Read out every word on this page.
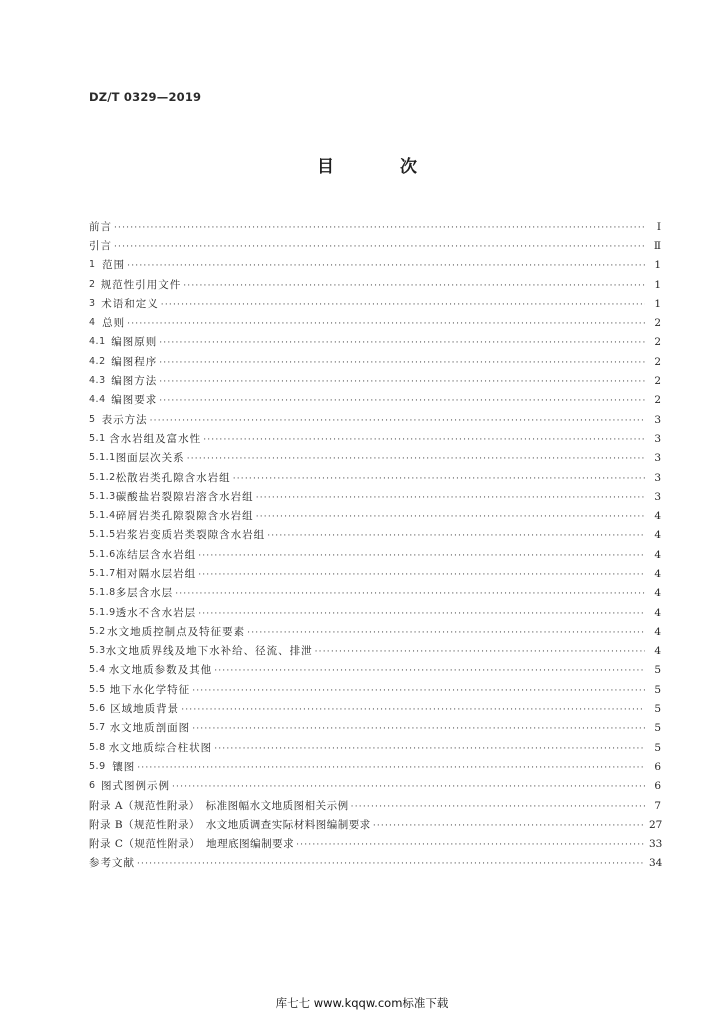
DZ/T 0329—2019
目 次
前言 ·····	Ⅰ
引言 ·····	Ⅱ
1 范围 ·····	1
2 规范性引用文件 ·····	1
3 术语和定义 ·····	1
4 总则 ·····	2
4.1 编图原则 ·····	2
4.2 编图程序 ·····	2
4.3 编图方法 ·····	2
4.4 编图要求 ·····	2
5 表示方法 ·····	3
5.1 含水岩组及富水性 ·····	3
5.1.1 图面层次关系 ·····	3
5.1.2 松散岩类孔隙含水岩组 ·····	3
5.1.3 碳酸盐岩裂隙岩溶含水岩组 ·····	3
5.1.4 碎屑岩类孔隙裂隙含水岩组 ·····	4
5.1.5 岩浆岩变质岩类裂隙含水岩组 ·····	4
5.1.6 冻结层含水岩组 ·····	4
5.1.7 相对隔水层岩组 ·····	4
5.1.8 多层含水层 ·····	4
5.1.9 透水不含水岩层 ·····	4
5.2 水文地质控制点及特征要素 ·····	4
5.3 水文地质界线及地下水补给、径流、排泄 ·····	4
5.4 水文地质参数及其他 ·····	5
5.5 地下水化学特征 ·····	5
5.6 区域地质背景 ·····	5
5.7 水文地质剖面图 ·····	5
5.8 水文地质综合柱状图 ·····	5
5.9 镶图 ·····	6
6 图式图例示例 ·····	6
附录 A（规范性附录）　标准图幅水文地质图相关示例 ·····	7
附录 B（规范性附录）　水文地质调查实际材料图编制要求 ·····	27
附录 C（规范性附录）　地理底图编制要求 ·····	33
参考文献 ·····	34
库七七 www.kqqw.com标准下载
